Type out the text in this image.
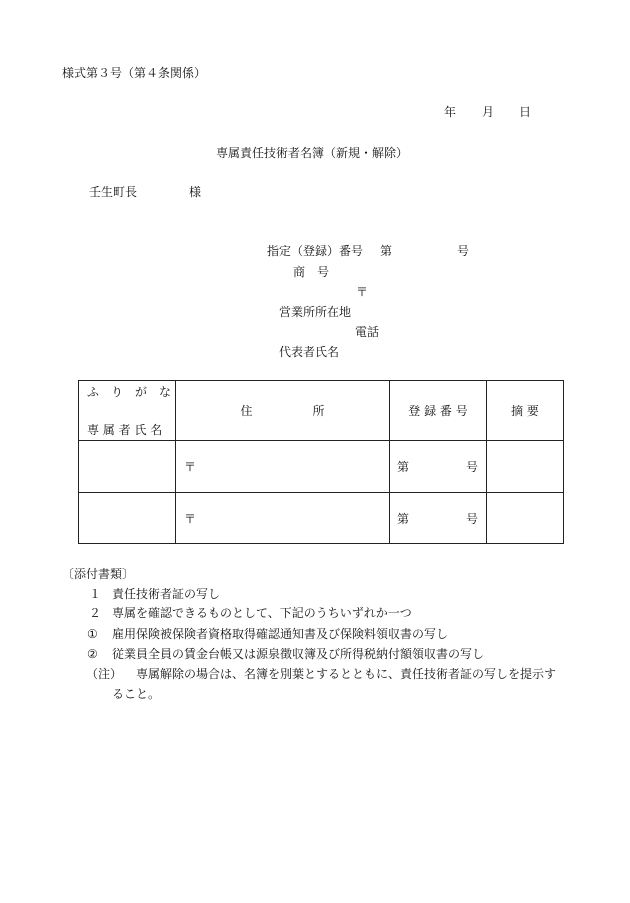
様式第３号（第４条関係）
年 月 日
専属責任技術者名簿（新規・解除）
壬生町長	様
指定（登録）番号 第	号
商　号
〒
営業所所在地
電話
代表者氏名
ふ　り　が　な
専 属 者 氏 名	住　　　　　所	登 録 番 号	摘 要
	〒	第 号	

	〒	第 号	

〔添付書類〕
１ 責任技術者証の写し
２ 専属を確認できるものとして、下記のうちいずれか一つ
① 雇用保険被保険者資格取得確認通知書及び保険料領収書の写し
② 従業員全員の賃金台帳又は源泉徴収簿及び所得税納付額領収書の写し
（注） 専属解除の場合は、名簿を別葉とするとともに、責任技術者証の写しを提示す
ること。
